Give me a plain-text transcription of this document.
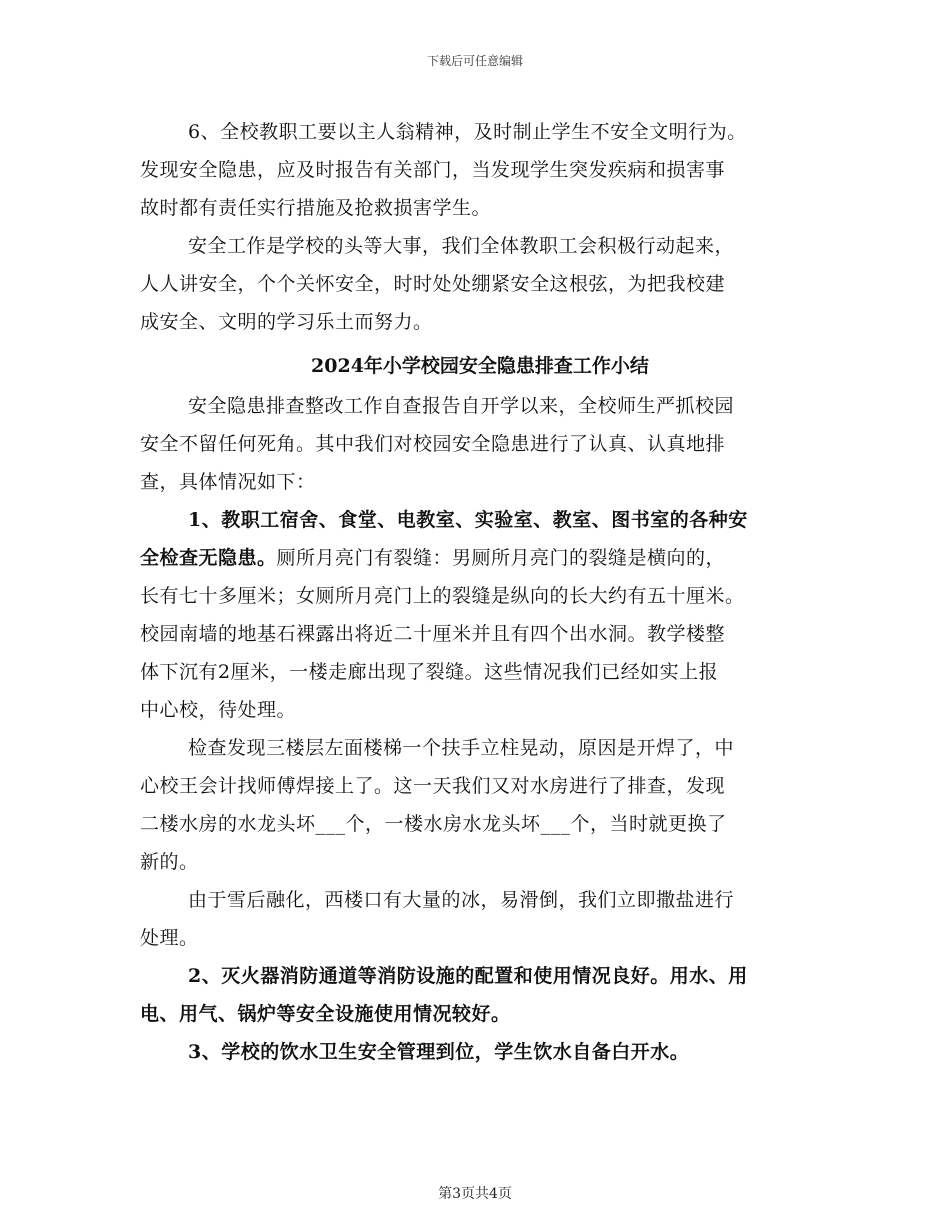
下载后可任意编辑

6、全校教职工要以主人翁精神，及时制止学生不安全文明行为。

发现安全隐患，应及时报告有关部门，当发现学生突发疾病和损害事

故时都有责任实行措施及抢救损害学生。

安全工作是学校的头等大事，我们全体教职工会积极行动起来，

人人讲安全，个个关怀安全，时时处处绷紧安全这根弦，为把我校建

成安全、文明的学习乐土而努力。

2024年小学校园安全隐患排查工作小结

安全隐患排查整改工作自查报告自开学以来，全校师生严抓校园

安全不留任何死角。其中我们对校园安全隐患进行了认真、认真地排

查，具体情况如下：

1、教职工宿舍、食堂、电教室、实验室、教室、图书室的各种安

全检查无隐患。厕所月亮门有裂缝：男厕所月亮门的裂缝是横向的，

长有七十多厘米；女厕所月亮门上的裂缝是纵向的长大约有五十厘米。

校园南墙的地基石裸露出将近二十厘米并且有四个出水洞。教学楼整

体下沉有2厘米，一楼走廊出现了裂缝。这些情况我们已经如实上报

中心校，待处理。

检查发现三楼层左面楼梯一个扶手立柱晃动，原因是开焊了，中

心校王会计找师傅焊接上了。这一天我们又对水房进行了排查，发现

二楼水房的水龙头坏___个，一楼水房水龙头坏___个，当时就更换了

新的。

由于雪后融化，西楼口有大量的冰，易滑倒，我们立即撒盐进行

处理。

2、灭火器消防通道等消防设施的配置和使用情况良好。用水、用

电、用气、锅炉等安全设施使用情况较好。

3、学校的饮水卫生安全管理到位，学生饮水自备白开水。

第3页共4页
